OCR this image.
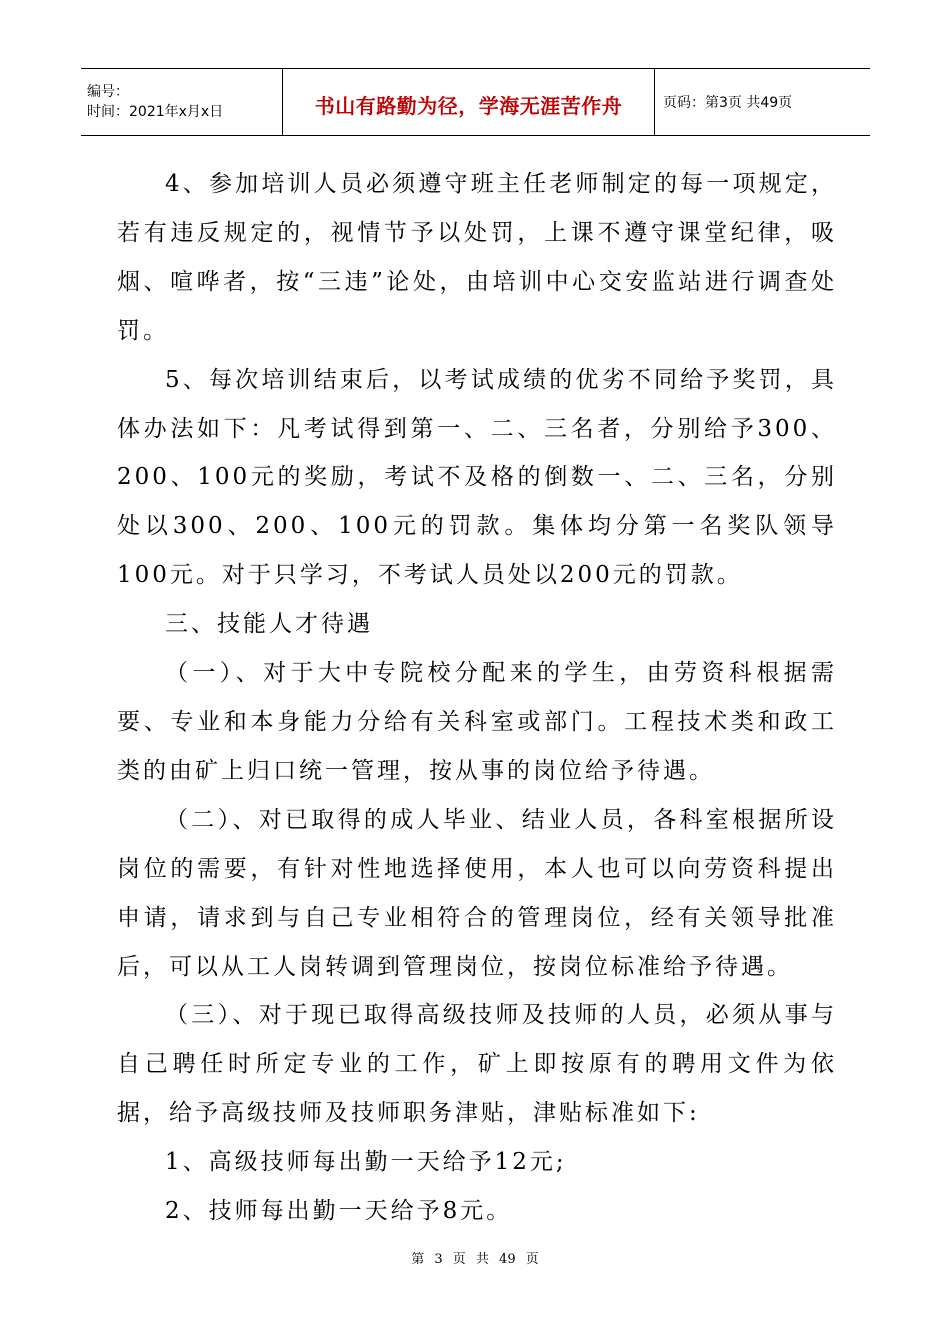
编号：
时间：2021年x月x日	书山有路勤为径，学海无涯苦作舟	页码：第3页 共49页

4、参加培训人员必须遵守班主任老师制定的每一项规定，若有违反规定的，视情节予以处罚，上课不遵守课堂纪律，吸烟、喧哗者，按“三违”论处，由培训中心交安监站进行调查处罚。

5、每次培训结束后，以考试成绩的优劣不同给予奖罚，具体办法如下：凡考试得到第一、二、三名者，分别给予300、200、100元的奖励，考试不及格的倒数一、二、三名，分别处以300、200、100元的罚款。集体均分第一名奖队领导100元。对于只学习，不考试人员处以200元的罚款。

三、技能人才待遇

（一）、对于大中专院校分配来的学生，由劳资科根据需要、专业和本身能力分给有关科室或部门。工程技术类和政工类的由矿上归口统一管理，按从事的岗位给予待遇。

（二）、对已取得的成人毕业、结业人员，各科室根据所设岗位的需要，有针对性地选择使用，本人也可以向劳资科提出申请，请求到与自己专业相符合的管理岗位，经有关领导批准后，可以从工人岗转调到管理岗位，按岗位标准给予待遇。

（三）、对于现已取得高级技师及技师的人员，必须从事与自己聘任时所定专业的工作，矿上即按原有的聘用文件为依据，给予高级技师及技师职务津贴，津贴标准如下:

1、高级技师每出勤一天给予12元;

2、技师每出勤一天给予8元。

第 3 页 共 49 页
